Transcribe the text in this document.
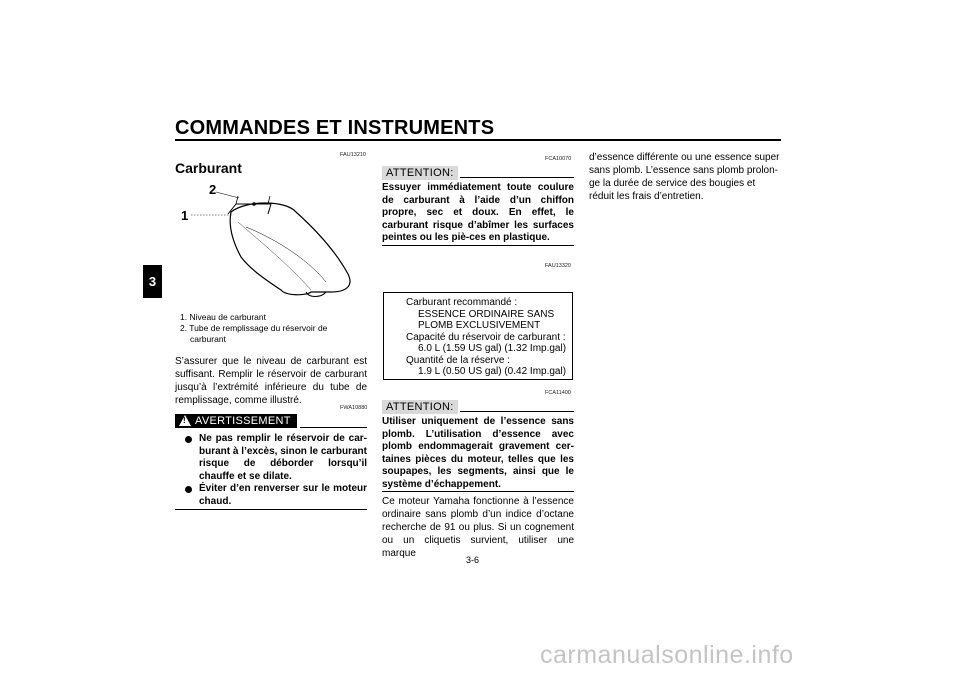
COMMANDES ET INSTRUMENTS
3
FAU13210
Carburant
2
1

1. Niveau de carburant

2. Tube de remplissage du réservoir de

carburant

S’assurer que le niveau de carburant est suffisant. Remplir le réservoir de carburant jusqu’à l’extrémité inférieure du tube de remplissage, comme illustré.

FWA10880
!
AVERTISSEMENT
Ne pas remplir le réservoir de car-burant à l’excès, sinon le carburant risque de déborder lorsqu’il chauffe et se dilate.
Éviter d’en renverser sur le moteur chaud.
FCA10070
ATTENTION:

Essuyer immédiatement toute coulure de carburant à l’aide d’un chiffon propre, sec et doux. En effet, le carburant risque d’abîmer les surfaces peintes ou les piè-ces en plastique.

FAU13320

Carburant recommandé :

ESSENCE ORDINAIRE SANS

PLOMB EXCLUSIVEMENT

Capacité du réservoir de carburant :

6.0 L (1.59 US gal) (1.32 Imp.gal)

Quantité de la réserve :

1.9 L (0.50 US gal) (0.42 Imp.gal)

FCA11400
ATTENTION:

Utiliser uniquement de l’essence sans plomb. L’utilisation d’essence avec plomb endommagerait gravement cer-taines pièces du moteur, telles que les soupapes, les segments, ainsi que le système d’échappement.

Ce moteur Yamaha fonctionne à l’essence ordinaire sans plomb d’un indice d’octane recherche de 91 ou plus. Si un cognement ou un cliquetis survient, utiliser une marque

d’essence différente ou une essence super sans plomb. L’essence sans plomb prolon-ge la durée de service des bougies et réduit les frais d’entretien.

3-6
carmanualsonline.info
